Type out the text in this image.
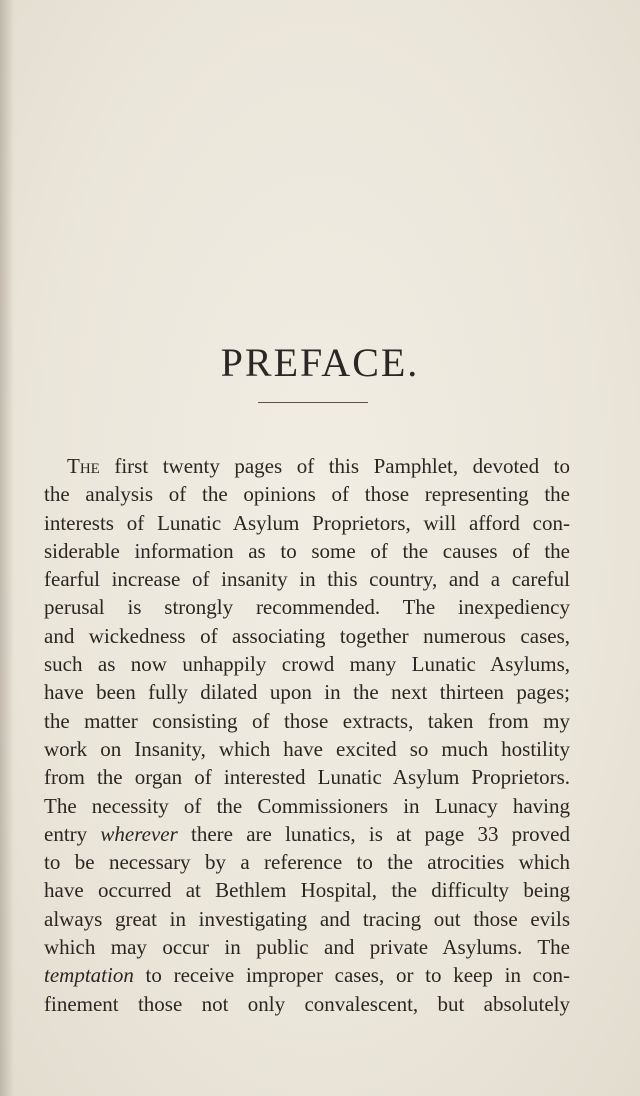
PREFACE.
The first twenty pages of this Pamphlet, devoted to
the analysis of the opinions of those representing the
interests of Lunatic Asylum Proprietors, will afford con-
siderable information as to some of the causes of the
fearful increase of insanity in this country, and a careful
perusal is strongly recommended. The inexpediency
and wickedness of associating together numerous cases,
such as now unhappily crowd many Lunatic Asylums,
have been fully dilated upon in the next thirteen pages;
the matter consisting of those extracts, taken from my
work on Insanity, which have excited so much hostility
from the organ of interested Lunatic Asylum Proprietors.
The necessity of the Commissioners in Lunacy having
entry wherever there are lunatics, is at page 33 proved
to be necessary by a reference to the atrocities which
have occurred at Bethlem Hospital, the difficulty being
always great in investigating and tracing out those evils
which may occur in public and private Asylums. The
temptation to receive improper cases, or to keep in con-
finement those not only convalescent, but absolutely
